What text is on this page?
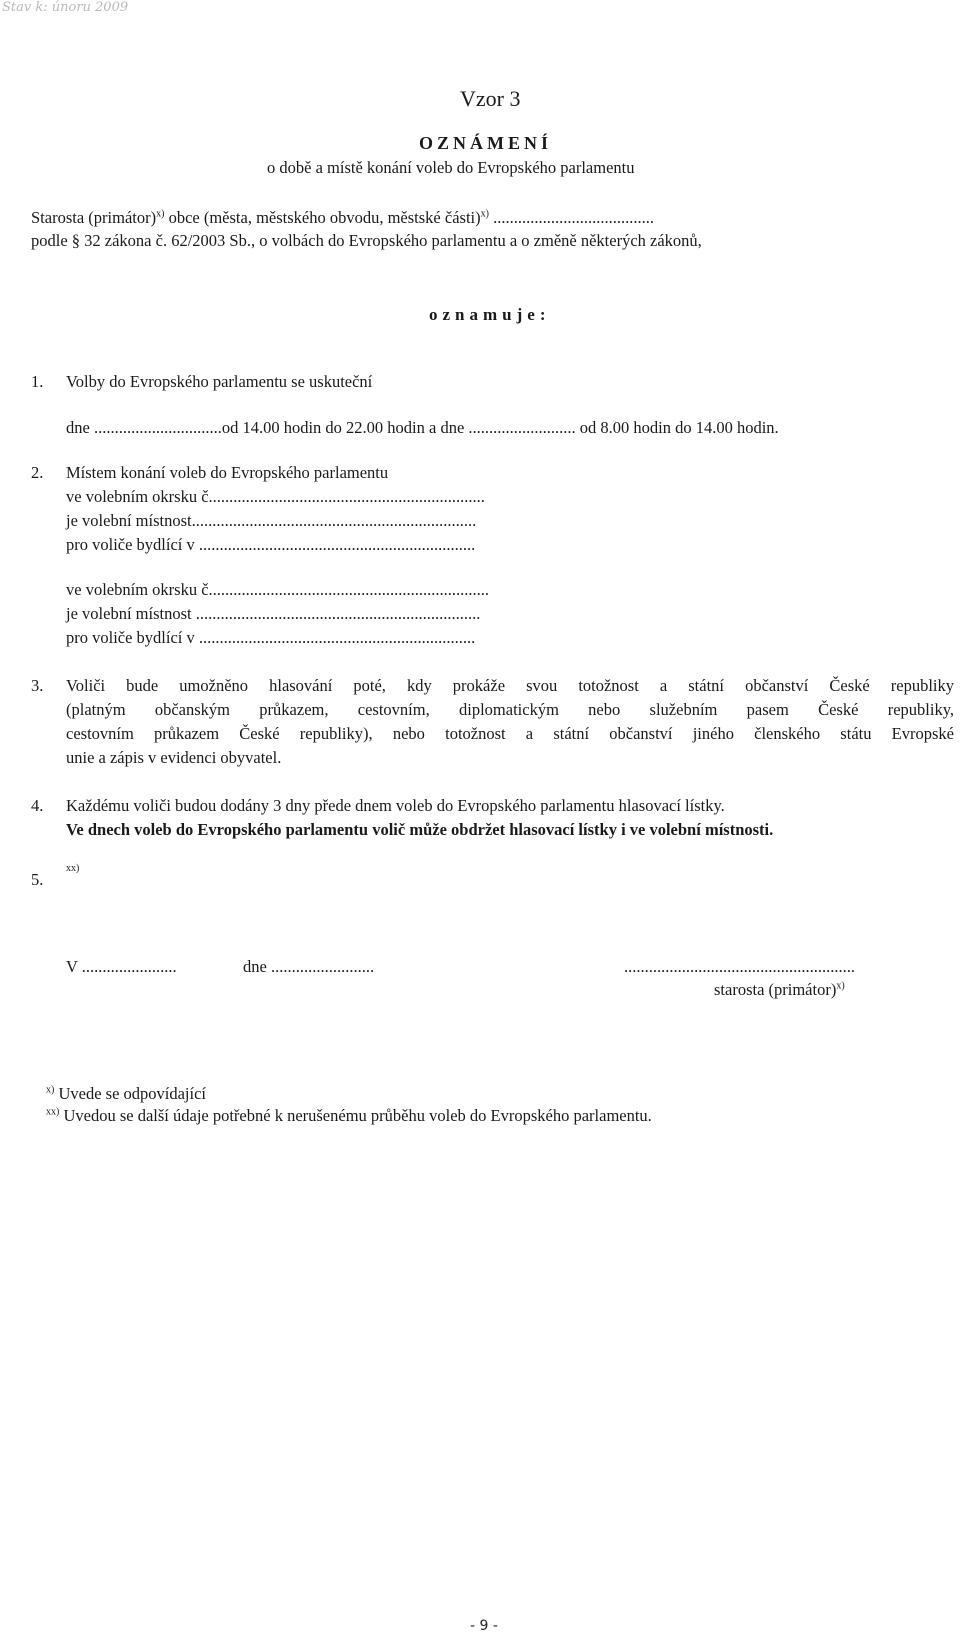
Stav k: únoru 2009
Vzor 3
OZNÁMENÍ
o době a místě konání voleb do Evropského parlamentu
Starosta (primátor)$^{x)}$ obce (města, městského obvodu, městské části)$^{x)}$ .......................................
podle § 32 zákona č. 62/2003 Sb., o volbách do Evropského parlamentu a o změně některých zákonů,
oznamuje:
1. Volby do Evropského parlamentu se uskuteční
dne ...............................od 14.00 hodin do 22.00 hodin a dne .......................... od 8.00 hodin do 14.00 hodin.
2. Místem konání voleb do Evropského parlamentu
ve volebním okrsku č...................................................................
je volební místnost.....................................................................
pro voliče bydlící v ...................................................................
ve volebním okrsku č....................................................................
je volební místnost .....................................................................
pro voliče bydlící v ...................................................................
3. Voliči bude umožněno hlasování poté, kdy prokáže svou totožnost a státní občanství České republiky
(platným občanským průkazem, cestovním, diplomatickým nebo služebním pasem České republiky,
cestovním průkazem České republiky), nebo totožnost a státní občanství jiného členského státu Evropské
unie a zápis v evidenci obyvatel.
4. Každému voliči budou dodány 3 dny přede dnem voleb do Evropského parlamentu hlasovací lístky.
Ve dnech voleb do Evropského parlamentu volič může obdržet hlasovací lístky i ve volební místnosti.
5.
xx)
V .......................	dne .........................	........................................................
starosta (primátor)$^{x)}$
$^{x)}$ Uvede se odpovídající
$^{xx)}$ Uvedou se další údaje potřebné k nerušenému průběhu voleb do Evropského parlamentu.
- 9 -
